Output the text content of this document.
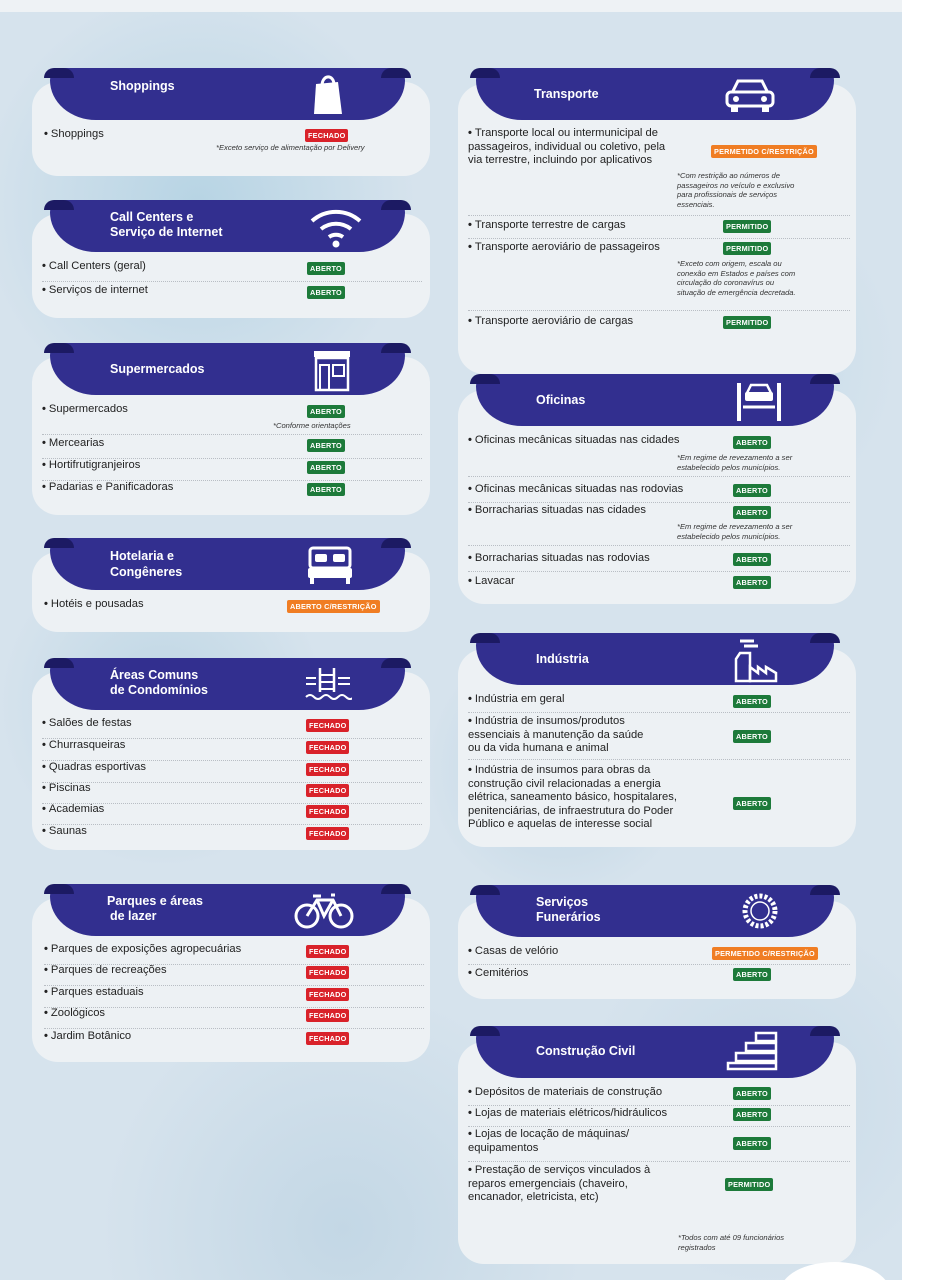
Shoppings
• Shoppings	FECHADO
*Exceto serviço de alimentação por Delivery
Call Centers e
Serviço de Internet
• Call Centers (geral)	ABERTO
• Serviços de internet	ABERTO
Supermercados
• Supermercados	ABERTO
*Conforme orientações
• Mercearias	ABERTO
• Hortifrutigranjeiros	ABERTO
• Padarias e Panificadoras	ABERTO
Hotelaria e
Congêneres
• Hotéis e pousadas	ABERTO C/RESTRIÇÃO
Áreas Comuns
de Condomínios
• Salões de festas	FECHADO
• Churrasqueiras	FECHADO
• Quadras esportivas	FECHADO
• Piscinas	FECHADO
• Academias	FECHADO
• Saunas	FECHADO
Parques e áreas
de lazer
• Parques de exposições agropecuárias	FECHADO
• Parques de recreações	FECHADO
• Parques estaduais	FECHADO
• Zoológicos	FECHADO
• Jardim Botânico	FECHADO
Transporte
• Transporte local ou intermunicipal de
passageiros, individual ou coletivo, pela
via terrestre, incluindo por aplicativos
PERMETIDO C/RESTRIÇÃO
*Com restrição ao números de
passageiros no veículo e exclusivo
para profissionais de serviços
essenciais.
• Transporte terrestre de cargas	PERMITIDO
• Transporte aeroviário de passageiros	PERMITIDO
*Exceto com origem, escala ou
conexão em Estados e países com
circulação do coronavírus ou
situação de emergência decretada.
• Transporte aeroviário de cargas	PERMITIDO
Oficinas
• Oficinas mecânicas situadas nas cidades	ABERTO
*Em regime de revezamento a ser
estabelecido pelos municípios.
• Oficinas mecânicas situadas nas rodovias	ABERTO
• Borracharias situadas nas cidades	ABERTO
*Em regime de revezamento a ser
estabelecido pelos municípios.
• Borracharias situadas nas rodovias	ABERTO
• Lavacar	ABERTO
Indústria
• Indústria em geral	ABERTO
• Indústria de insumos/produtos
essenciais à manutenção da saúde
ou da vida humana e animal
ABERTO
• Indústria de insumos para obras da
construção civil relacionadas a energia
elétrica, saneamento básico, hospitalares,
penitenciárias, de infraestrutura do Poder
Público e aquelas de interesse social
ABERTO
Serviços
Funerários
• Casas de velório	PERMETIDO C/RESTRIÇÃO
• Cemitérios	ABERTO
Construção Civil
• Depósitos de materiais de construção	ABERTO
• Lojas de materiais elétricos/hidráulicos	ABERTO
• Lojas de locação de máquinas/
equipamentos	ABERTO
• Prestação de serviços vinculados à
reparos emergenciais (chaveiro,
encanador, eletricista, etc)
PERMITIDO
*Todos com até 09 funcionários
registrados
